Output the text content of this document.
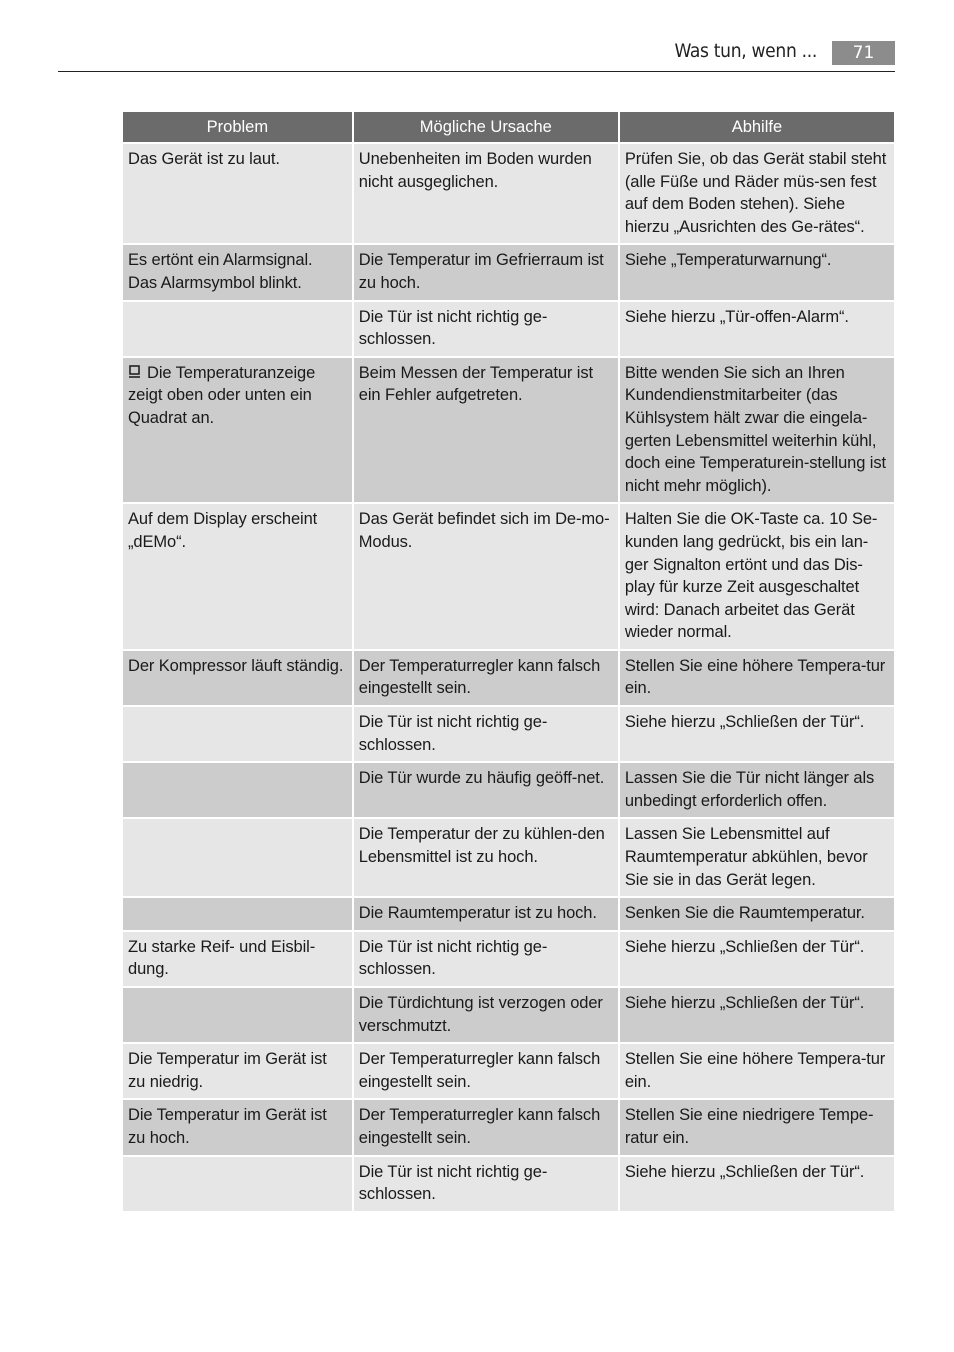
Was tun, wenn ...	71
Problem	Mögliche Ursache	Abhilfe
Das Gerät ist zu laut.	Unebenheiten im Boden wurden nicht ausgeglichen.	Prüfen Sie, ob das Gerät stabil steht (alle Füße und Räder müs-sen fest auf dem Boden stehen). Siehe hierzu „Ausrichten des Ge-rätes“.
Es ertönt ein Alarmsignal. Das Alarmsymbol blinkt.	Die Temperatur im Gefrierraum ist zu hoch.	Siehe „Temperaturwarnung“.
	Die Tür ist nicht richtig ge-schlossen.	Siehe hierzu „Tür-offen-Alarm“.
Die Temperaturanzeige zeigt oben oder unten ein Quadrat an.	Beim Messen der Temperatur ist ein Fehler aufgetreten.	Bitte wenden Sie sich an Ihren Kundendienstmitarbeiter (das Kühlsystem hält zwar die eingela-gerten Lebensmittel weiterhin kühl, doch eine Temperaturein-stellung ist nicht mehr möglich).
Auf dem Display erscheint „dEMo“.	Das Gerät befindet sich im De-mo-Modus.	Halten Sie die OK-Taste ca. 10 Se-kunden lang gedrückt, bis ein lan-ger Signalton ertönt und das Dis-play für kurze Zeit ausgeschaltet wird: Danach arbeitet das Gerät wieder normal.
Der Kompressor läuft ständig.	Der Temperaturregler kann falsch eingestellt sein.	Stellen Sie eine höhere Tempera-tur ein.
	Die Tür ist nicht richtig ge-schlossen.	Siehe hierzu „Schließen der Tür“.
	Die Tür wurde zu häufig geöff-net.	Lassen Sie die Tür nicht länger als unbedingt erforderlich offen.
	Die Temperatur der zu kühlen-den Lebensmittel ist zu hoch.	Lassen Sie Lebensmittel auf Raumtemperatur abkühlen, bevor Sie sie in das Gerät legen.
	Die Raumtemperatur ist zu hoch.	Senken Sie die Raumtemperatur.
Zu starke Reif- und Eisbil-dung.	Die Tür ist nicht richtig ge-schlossen.	Siehe hierzu „Schließen der Tür“.
	Die Türdichtung ist verzogen oder verschmutzt.	Siehe hierzu „Schließen der Tür“.
Die Temperatur im Gerät ist zu niedrig.	Der Temperaturregler kann falsch eingestellt sein.	Stellen Sie eine höhere Tempera-tur ein.
Die Temperatur im Gerät ist zu hoch.	Der Temperaturregler kann falsch eingestellt sein.	Stellen Sie eine niedrigere Tempe-ratur ein.
	Die Tür ist nicht richtig ge-schlossen.	Siehe hierzu „Schließen der Tür“.
